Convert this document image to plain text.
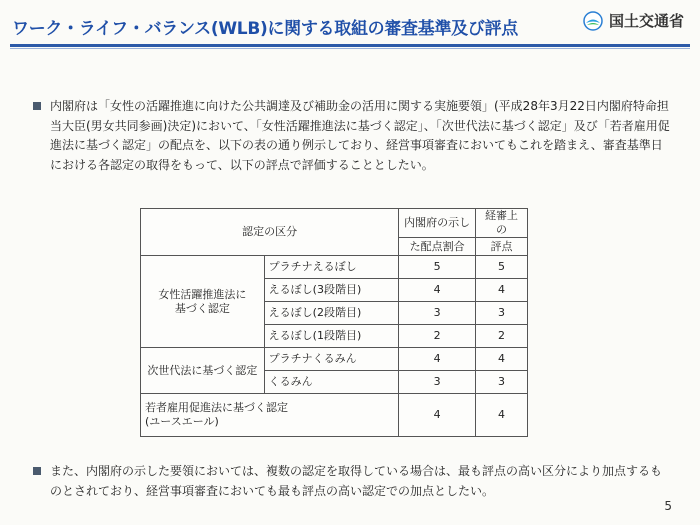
ワーク・ライフ・バランス(WLB)に関する取組の審査基準及び評点	国土交通省
内閣府は「女性の活躍推進に向けた公共調達及び補助金の活用に関する実施要領」(平成28年3月22日内閣府特命担当大臣(男女共同参画)決定)において、「女性活躍推進法に基づく認定」、「次世代法に基づく認定」及び「若者雇用促進法に基づく認定」の配点を、以下の表の通り例示しており、経営事項審査においてもこれを踏まえ、審査基準日における各認定の取得をもって、以下の評点で評価することとしたい。
認定の区分		内閣府の示し	経審上の
		た配点割合	評点
女性活躍推進法に
基づく認定	プラチナえるぼし	5	5
	えるぼし(3段階目)	4	4
	えるぼし(2段階目)	3	3
	えるぼし(1段階目)	2	2
次世代法に基づく認定	プラチナくるみん	4	4
	くるみん	3	3
若者雇用促進法に基づく認定
(ユースエール)		4	4
また、内閣府の示した要領においては、複数の認定を取得している場合は、最も評点の高い区分により加点するものとされており、経営事項審査においても最も評点の高い認定での加点としたい。
5
